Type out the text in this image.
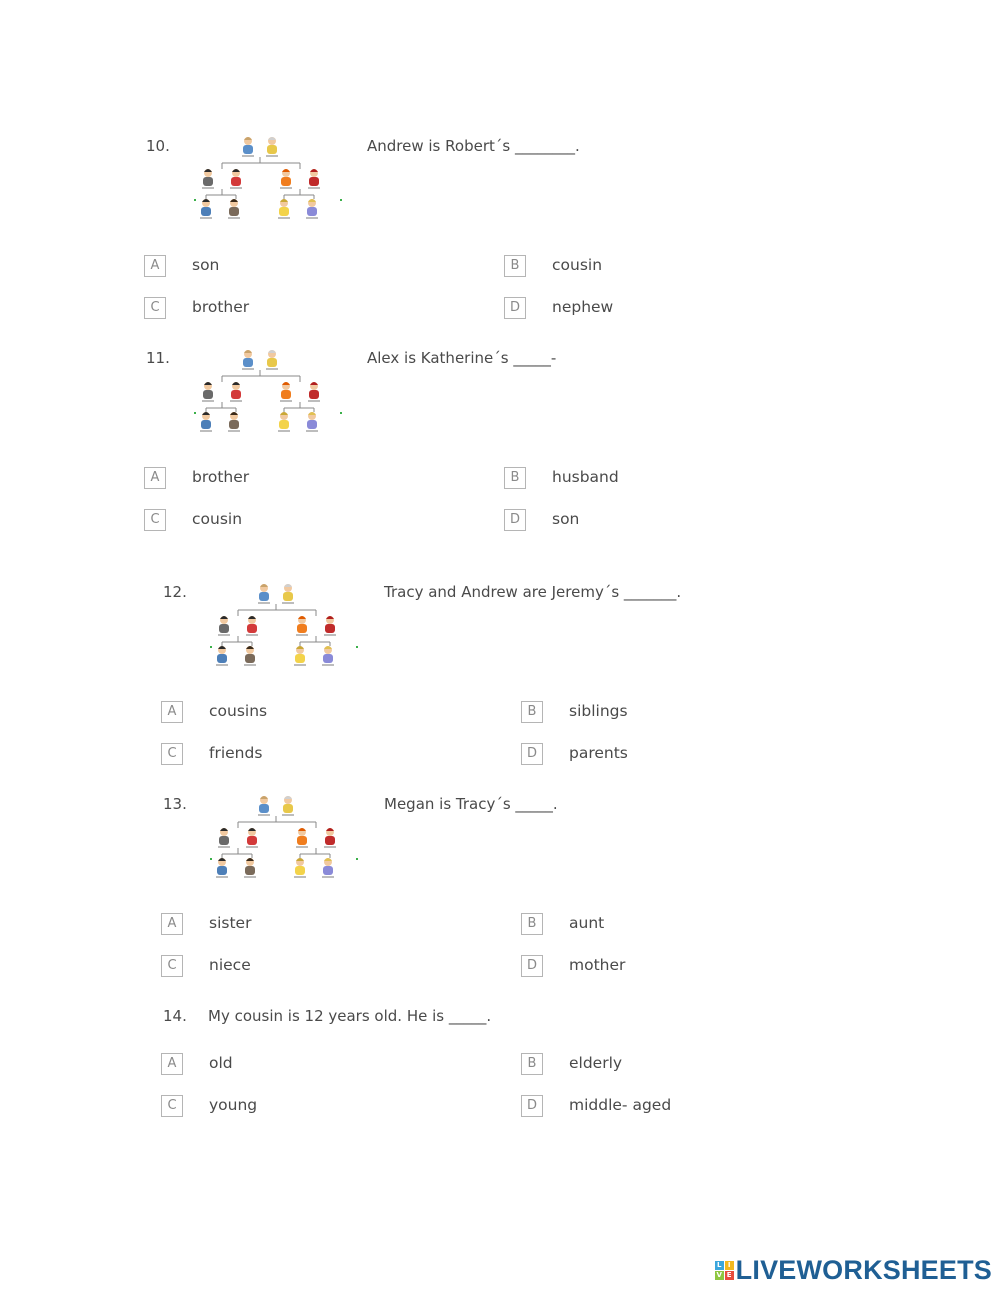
10.	Andrew is Robert´s ________.
A	son	B	cousin
C	brother	D	nephew
11.	Alex is Katherine´s _____-
A	brother	B	husband
C	cousin	D	son
12.	Tracy and Andrew are Jeremy´s _______.
A	cousins	B	siblings
C	friends	D	parents
13.	Megan is Tracy´s _____.
A	sister	B	aunt
C	niece	D	mother
14. My cousin is 12 years old. He is _____.
A	old	B	elderly
C	young	D	middle- aged
L I
V E LIVEWORKSHEETS
